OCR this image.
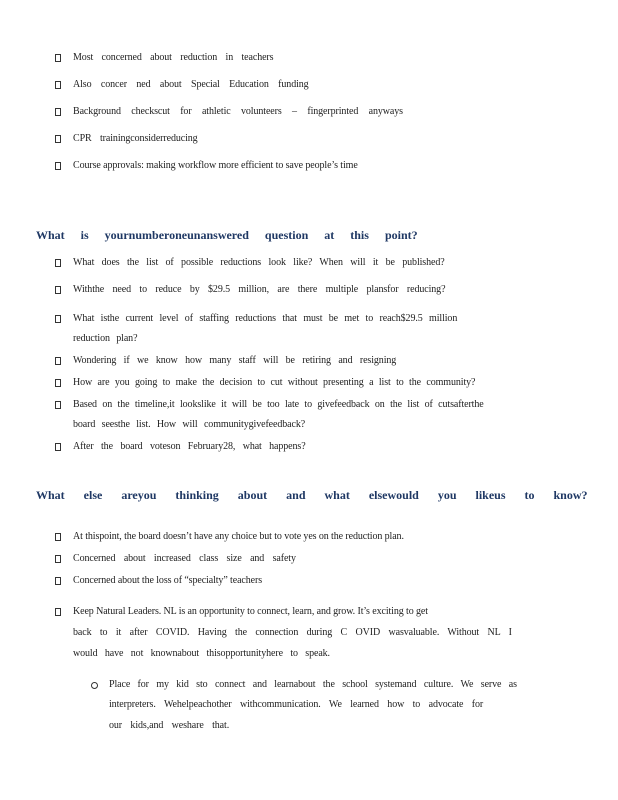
Most concerned about reduction in teachers
Also concer ned about Special Education funding
Background checkscut for athletic volunteers – fingerprinted anyways
CPR trainingconsiderreducing
Course approvals: making workflow more efficient to save people’s time
What is yournumberoneunanswered question at this point?
What does the list of possible reductions look like? When will it be published?
Withthe need to reduce by $29.5 million, are there multiple plansfor reducing?
What isthe current level of staffing reductions that must be met to reach$29.5 million
reduction plan?
Wondering if we know how many staff will be retiring and resigning
How are you going to make the decision to cut without presenting a list to the community?
Based on the timeline,it lookslike it will be too late to givefeedback on the list of cutsafterthe
board seesthe list. How will communitygivefeedback?
After the board voteson February28, what happens?
What else areyou thinking about and what elsewould you likeus to know?
At thispoint, the board doesn’t have any choice but to vote yes on the reduction plan.
Concerned about increased class size and safety
Concerned about the loss of “specialty” teachers
Keep Natural Leaders. NL is an opportunity to connect, learn, and grow. It’s exciting to get
back to it after COVID. Having the connection during C OVID wasvaluable. Without NL I
would have not knownabout thisopportunityhere to speak.
Place for my kid sto connect and learnabout the school systemand culture. We serve as
interpreters. Wehelpeachother withcommunication. We learned how to advocate for
our kids,and weshare that.
